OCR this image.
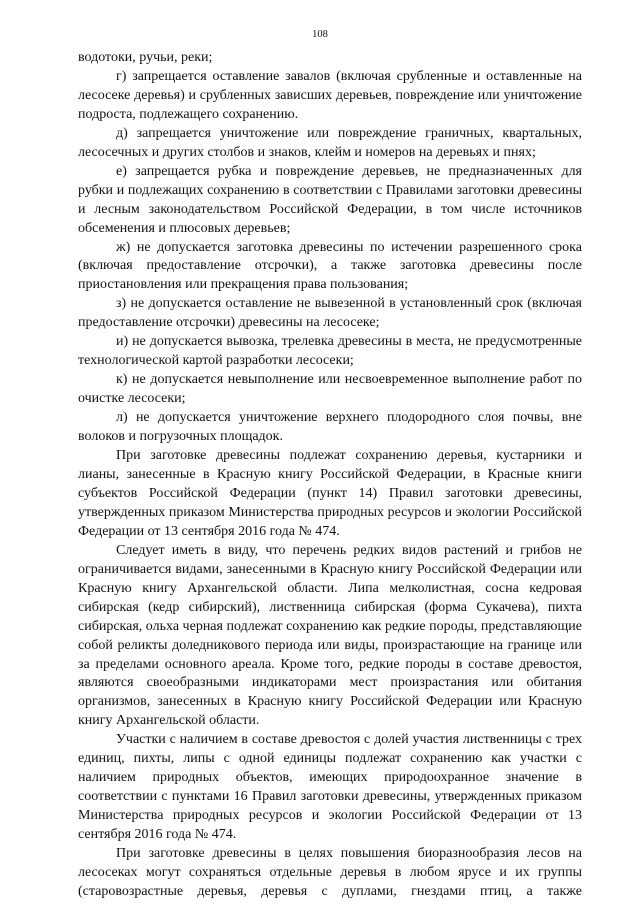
108

водотоки, ручьи, реки;

г) запрещается оставление завалов (включая срубленные и оставленные на лесосеке деревья) и срубленных зависших деревьев, повреждение или уничтожение подроста, подлежащего сохранению.

д) запрещается уничтожение или повреждение граничных, квартальных, лесосечных и других столбов и знаков, клейм и номеров на деревьях и пнях;

е) запрещается рубка и повреждение деревьев, не предназначенных для рубки и подлежащих сохранению в соответствии с Правилами заготовки древесины и лесным законодательством Российской Федерации, в том числе источников обсеменения и плюсовых деревьев;

ж) не допускается заготовка древесины по истечении разрешенного срока (включая предоставление отсрочки), а также заготовка древесины после приостановления или прекращения права пользования;

з) не допускается оставление не вывезенной в установленный срок (включая предоставление отсрочки) древесины на лесосеке;

и) не допускается вывозка, трелевка древесины в места, не предусмотренные технологической картой разработки лесосеки;

к) не допускается невыполнение или несвоевременное выполнение работ по очистке лесосеки;

л) не допускается уничтожение верхнего плодородного слоя почвы, вне волоков и погрузочных площадок.

При заготовке древесины подлежат сохранению деревья, кустарники и лианы, занесенные в Красную книгу Российской Федерации, в Красные книги субъектов Российской Федерации (пункт 14) Правил заготовки древесины, утвержденных приказом Министерства природных ресурсов и экологии Российской Федерации от 13 сентября 2016 года № 474.

Следует иметь в виду, что перечень редких видов растений и грибов не ограничивается видами, занесенными в Красную книгу Российской Федерации или Красную книгу Архангельской области. Липа мелколистная, сосна кедровая сибирская (кедр сибирский), лиственница сибирская (форма Сукачева), пихта сибирская, ольха черная подлежат сохранению как редкие породы, представляющие собой реликты доледникового периода или виды, произрастающие на границе или за пределами основного ареала. Кроме того, редкие породы в составе древостоя, являются своеобразными индикаторами мест произрастания или обитания организмов, занесенных в Красную книгу Российской Федерации или Красную книгу Архангельской области.

Участки с наличием в составе древостоя с долей участия лиственницы с трех единиц, пихты, липы с одной единицы подлежат сохранению как участки с наличием природных объектов, имеющих природоохранное значение в соответствии с пунктами 16 Правил заготовки древесины, утвержденных приказом Министерства природных ресурсов и экологии Российской Федерации от 13 сентября 2016 года № 474.

При заготовке древесины в целях повышения биоразнообразия лесов на лесосеках могут сохраняться отдельные деревья в любом ярусе и их группы (старовозрастные деревья, деревья с дуплами, гнездами птиц, а также
